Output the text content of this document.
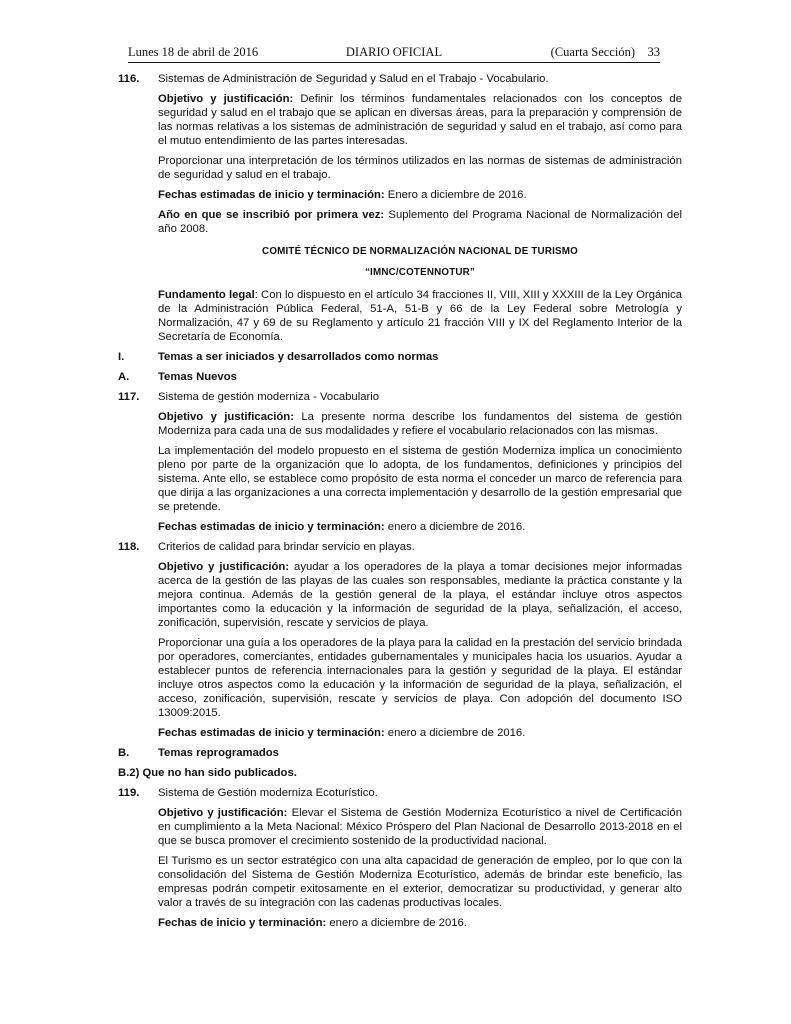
Lunes 18 de abril de 2016	DIARIO OFICIAL	(Cuarta Sección) 33
116.	Sistemas de Administración de Seguridad y Salud en el Trabajo - Vocabulario.
Objetivo y justificación: Definir los términos fundamentales relacionados con los conceptos de seguridad y salud en el trabajo que se aplican en diversas áreas, para la preparación y comprensión de las normas relativas a los sistemas de administración de seguridad y salud en el trabajo, así como para el mutuo entendimiento de las partes interesadas.
Proporcionar una interpretación de los términos utilizados en las normas de sistemas de administración de seguridad y salud en el trabajo.
Fechas estimadas de inicio y terminación: Enero a diciembre de 2016.
Año en que se inscribió por primera vez: Suplemento del Programa Nacional de Normalización del año 2008.
COMITÉ TÉCNICO DE NORMALIZACIÓN NACIONAL DE TURISMO
“IMNC/COTENNOTUR”
Fundamento legal: Con lo dispuesto en el artículo 34 fracciones II, VIII, XIII y XXXIII de la Ley Orgánica de la Administración Pública Federal, 51-A, 51-B y 66 de la Ley Federal sobre Metrología y Normalización, 47 y 69 de su Reglamento y artículo 21 fracción VIII y IX del Reglamento Interior de la Secretaría de Economía.
I.	Temas a ser iniciados y desarrollados como normas
A.	Temas Nuevos
117.	Sistema de gestión moderniza - Vocabulario
Objetivo y justificación: La presente norma describe los fundamentos del sistema de gestión Moderniza para cada una de sus modalidades y refiere el vocabulario relacionados con las mismas.
La implementación del modelo propuesto en el sistema de gestión Moderniza implica un conocimiento pleno por parte de la organización que lo adopta, de los fundamentos, definiciones y principios del sistema. Ante ello, se establece como propósito de esta norma el conceder un marco de referencia para que dirija a las organizaciones a una correcta implementación y desarrollo de la gestión empresarial que se pretende.
Fechas estimadas de inicio y terminación: enero a diciembre de 2016.
118.	Criterios de calidad para brindar servicio en playas.
Objetivo y justificación: ayudar a los operadores de la playa a tomar decisiones mejor informadas acerca de la gestión de las playas de las cuales son responsables, mediante la práctica constante y la mejora continua. Además de la gestión general de la playa, el estándar incluye otros aspectos importantes como la educación y la información de seguridad de la playa, señalización, el acceso, zonificación, supervisión, rescate y servicios de playa.
Proporcionar una guía a los operadores de la playa para la calidad en la prestación del servicio brindada por operadores, comerciantes, entidades gubernamentales y municipales hacia los usuarios. Ayudar a establecer puntos de referencia internacionales para la gestión y seguridad de la playa. El estándar incluye otros aspectos como la educación y la información de seguridad de la playa, señalización, el acceso, zonificación, supervisión, rescate y servicios de playa. Con adopción del documento ISO 13009:2015.
Fechas estimadas de inicio y terminación: enero a diciembre de 2016.
B.	Temas reprogramados
B.2) Que no han sido publicados.
119.	Sistema de Gestión moderniza Ecoturístico.
Objetivo y justificación: Elevar el Sistema de Gestión Moderniza Ecoturístico a nivel de Certificación en cumplimiento a la Meta Nacional: México Próspero del Plan Nacional de Desarrollo 2013-2018 en el que se busca promover el crecimiento sostenido de la productividad nacional.
El Turismo es un sector estratégico con una alta capacidad de generación de empleo, por lo que con la consolidación del Sistema de Gestión Moderniza Ecoturístico, además de brindar este beneficio, las empresas podrán competir exitosamente en el exterior, democratizar su productividad, y generar alto valor a través de su integración con las cadenas productivas locales.
Fechas de inicio y terminación: enero a diciembre de 2016.
